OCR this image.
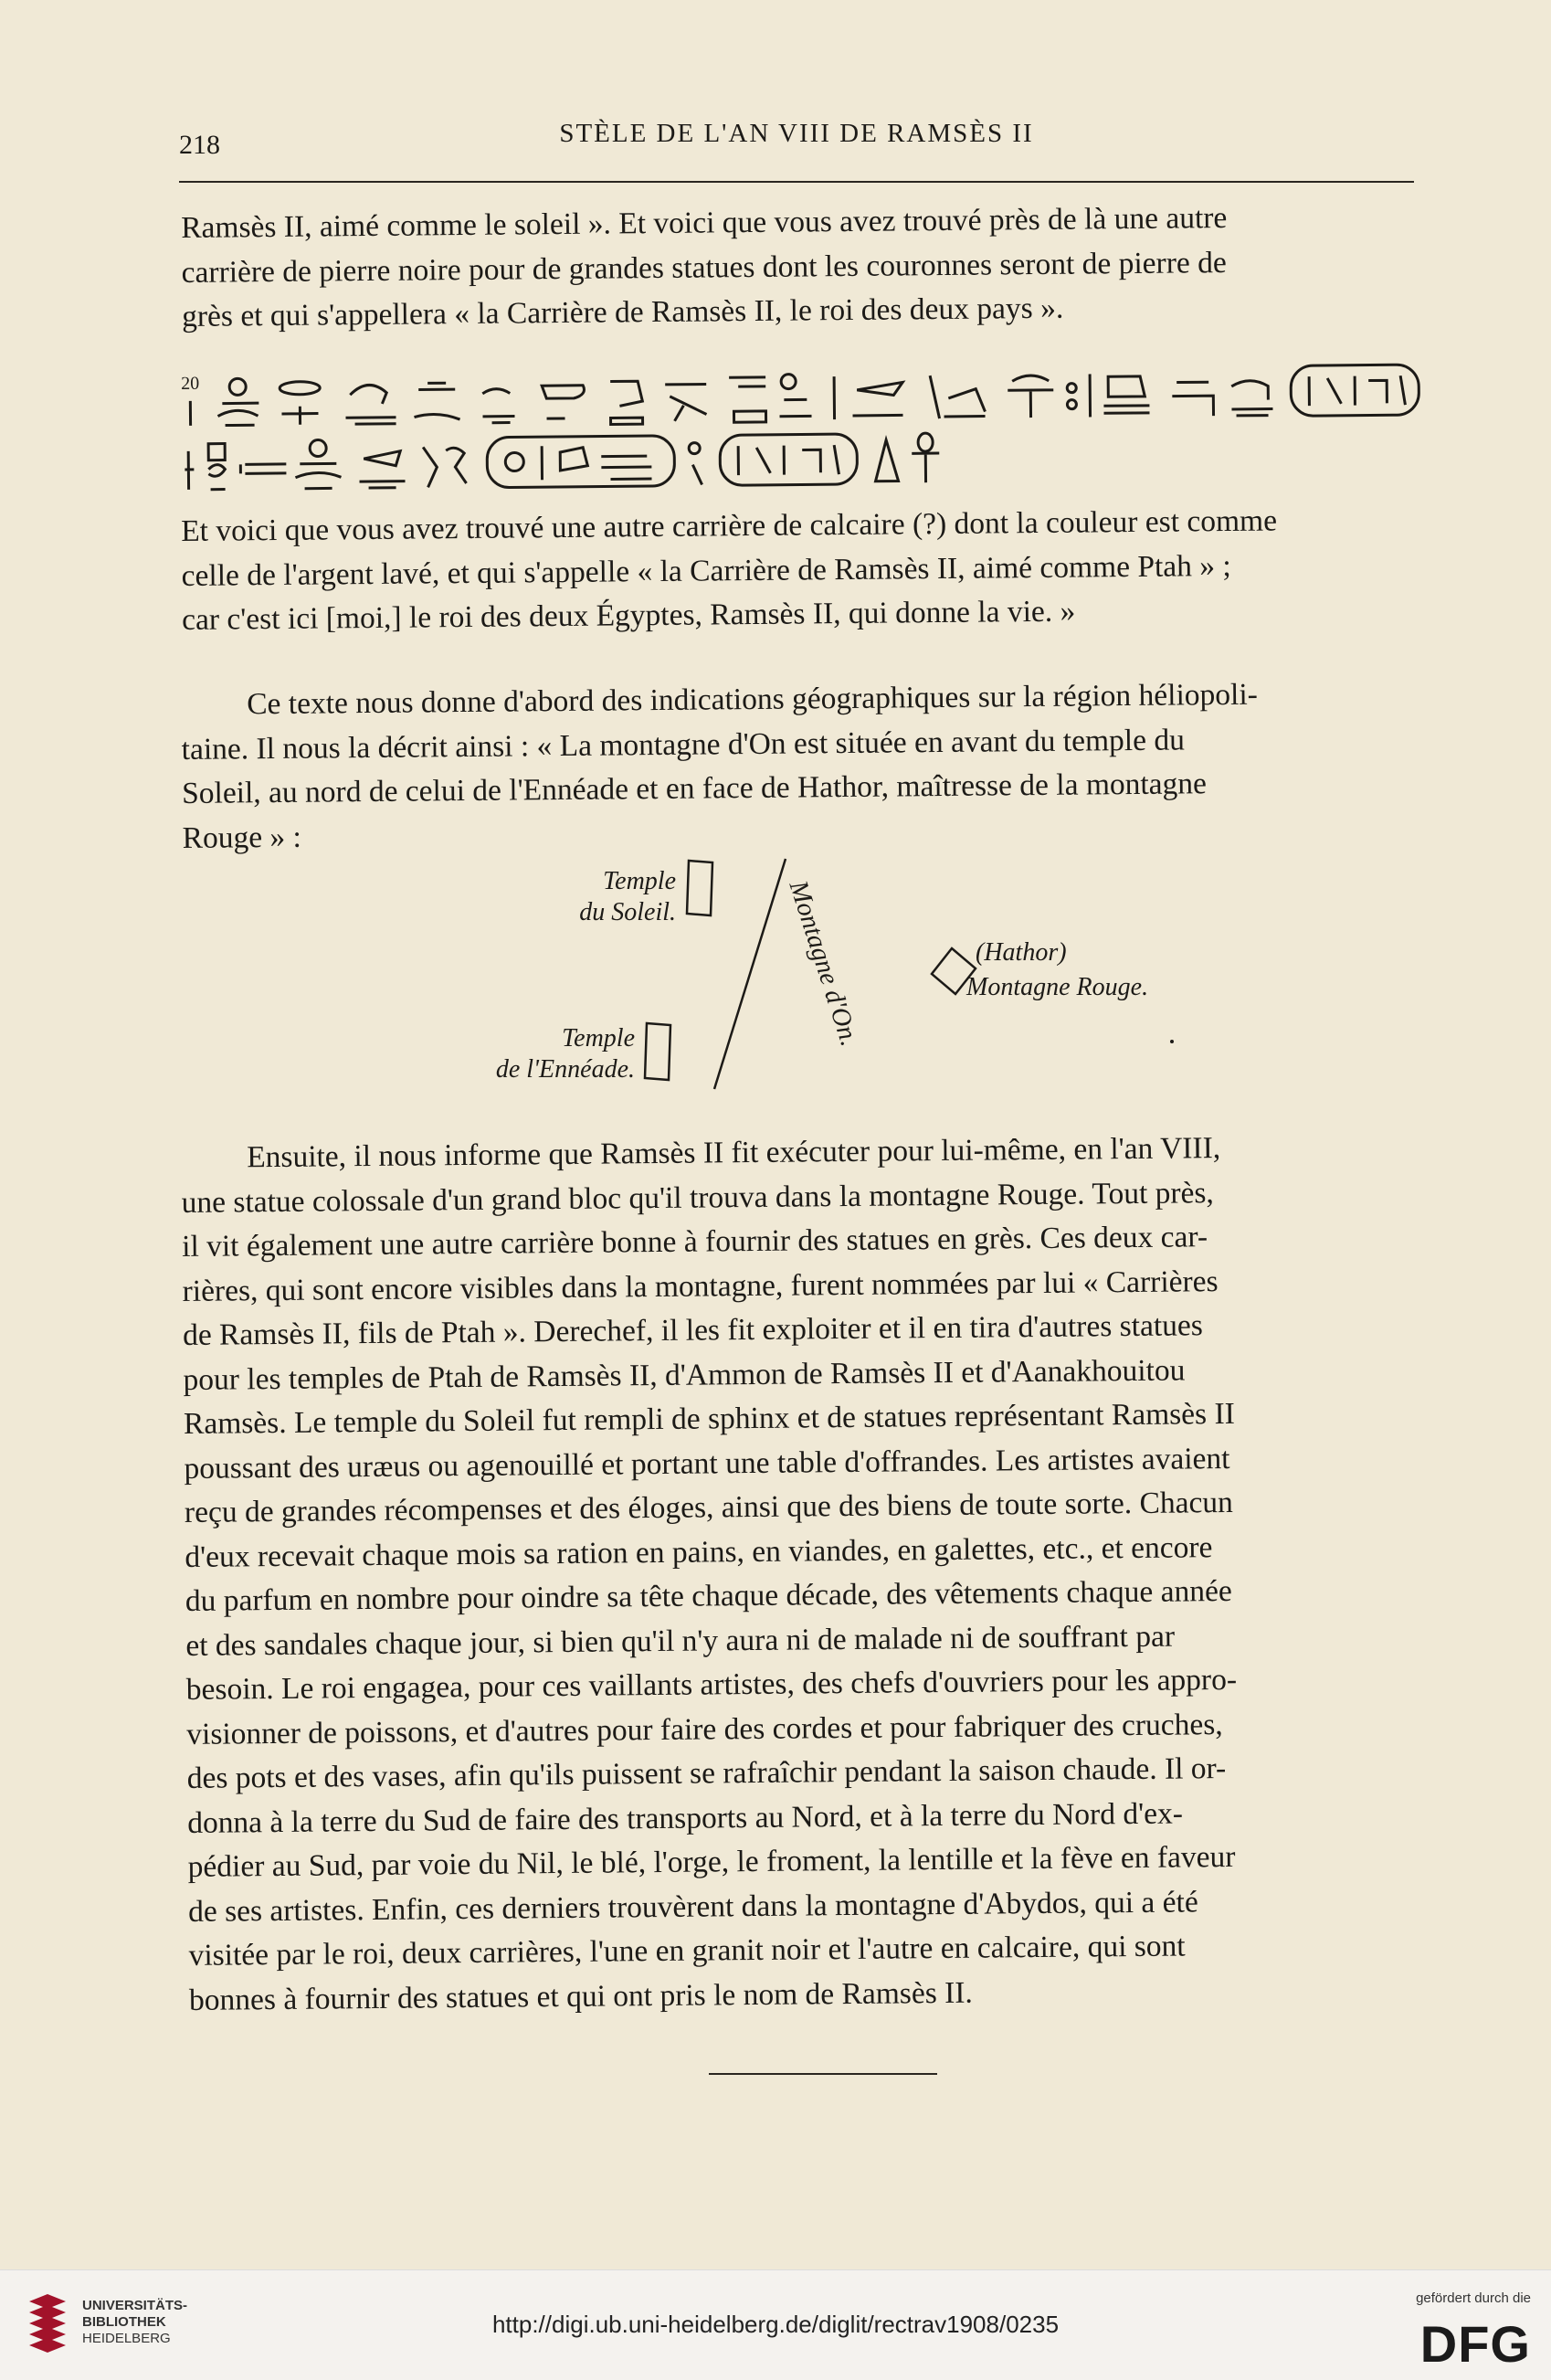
218	STÈLE DE L'AN VIII DE RAMSÈS II

Ramsès II, aimé comme le soleil ». Et voici que vous avez trouvé près de là une autre

carrière de pierre noire pour de grandes statues dont les couronnes seront de pierre de

grès et qui s'appellera « la Carrière de Ramsès II, le roi des deux pays ».

20

Et voici que vous avez trouvé une autre carrière de calcaire (?) dont la couleur est comme

celle de l'argent lavé, et qui s'appelle « la Carrière de Ramsès II, aimé comme Ptah » ;

car c'est ici [moi,] le roi des deux Égyptes, Ramsès II, qui donne la vie. »

Ce texte nous donne d'abord des indications géographiques sur la région héliopoli-

taine. Il nous la décrit ainsi : « La montagne d'On est située en avant du temple du

Soleil, au nord de celui de l'Ennéade et en face de Hathor, maîtresse de la montagne

Rouge » :

Temple
du Soleil.
Temple
de l'Ennéade.
Montagne d'On.	(Hathor)
Montagne Rouge.

Ensuite, il nous informe que Ramsès II fit exécuter pour lui-même, en l'an VIII,

une statue colossale d'un grand bloc qu'il trouva dans la montagne Rouge. Tout près,

il vit également une autre carrière bonne à fournir des statues en grès. Ces deux car-

rières, qui sont encore visibles dans la montagne, furent nommées par lui « Carrières

de Ramsès II, fils de Ptah ». Derechef, il les fit exploiter et il en tira d'autres statues

pour les temples de Ptah de Ramsès II, d'Ammon de Ramsès II et d'Aanakhouitou

Ramsès. Le temple du Soleil fut rempli de sphinx et de statues représentant Ramsès II

poussant des uræus ou agenouillé et portant une table d'offrandes. Les artistes avaient

reçu de grandes récompenses et des éloges, ainsi que des biens de toute sorte. Chacun

d'eux recevait chaque mois sa ration en pains, en viandes, en galettes, etc., et encore

du parfum en nombre pour oindre sa tête chaque décade, des vêtements chaque année

et des sandales chaque jour, si bien qu'il n'y aura ni de malade ni de souffrant par

besoin. Le roi engagea, pour ces vaillants artistes, des chefs d'ouvriers pour les appro-

visionner de poissons, et d'autres pour faire des cordes et pour fabriquer des cruches,

des pots et des vases, afin qu'ils puissent se rafraîchir pendant la saison chaude. Il or-

donna à la terre du Sud de faire des transports au Nord, et à la terre du Nord d'ex-

pédier au Sud, par voie du Nil, le blé, l'orge, le froment, la lentille et la fève en faveur

de ses artistes. Enfin, ces derniers trouvèrent dans la montagne d'Abydos, qui a été

visitée par le roi, deux carrières, l'une en granit noir et l'autre en calcaire, qui sont

bonnes à fournir des statues et qui ont pris le nom de Ramsès II.

UNIVERSITÄTS-
BIBLIOTHEK
HEIDELBERG
http://digi.ub.uni-heidelberg.de/diglit/rectrav1908/0235
gefördert durch die
DFG
